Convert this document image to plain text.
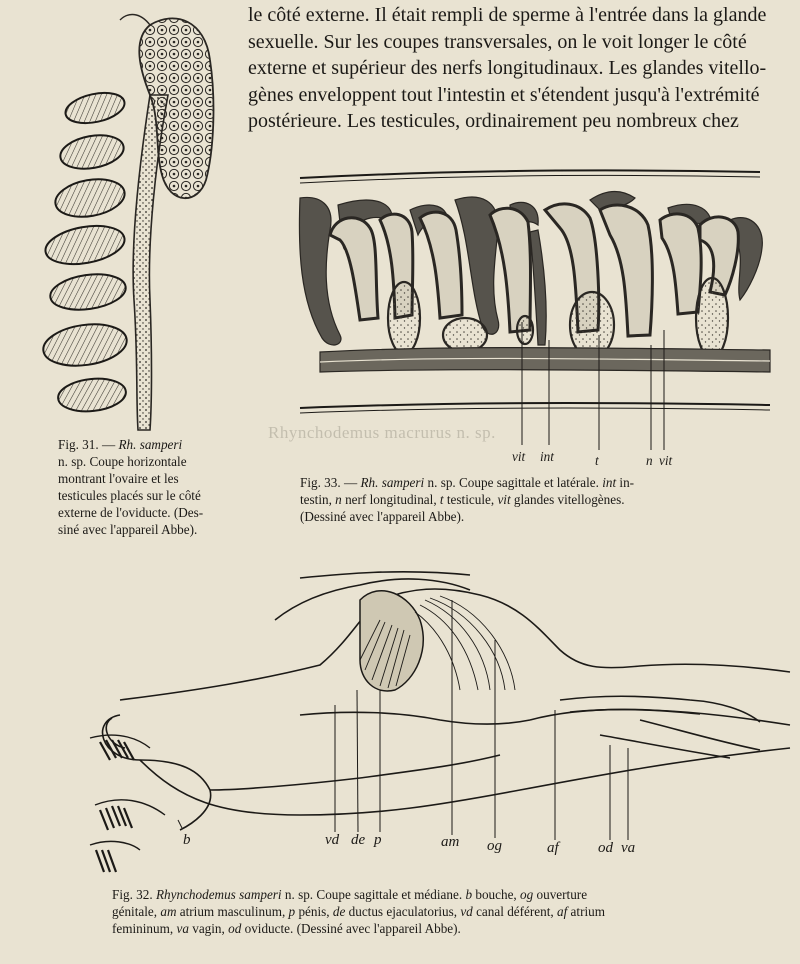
Rhynchodemus macrurus n. sp.
le côté externe. Il était rempli de sperme à l'entrée dans la glande
sexuelle. Sur les coupes transversales, on le voit longer le côté
externe et supérieur des nerfs longitudinaux. Les glandes vitello-
gènes enveloppent tout l'intestin et s'étendent jusqu'à l'extrémité
postérieure. Les testicules, ordinairement peu nombreux chez
Fig. 31. — Rh. samperi
n. sp. Coupe horizontale
montrant l'ovaire et les
testicules placés sur le côté
externe de l'oviducte. (Des-
siné avec l'appareil Abbe).
vit int	t	n vit
Fig. 33. — Rh. samperi n. sp. Coupe sagittale et latérale. int in-
testin, n nerf longitudinal, t testicule, vit glandes vitellogènes.
(Dessiné avec l'appareil Abbe).
b	vd de p	am og	af	od va
Fig. 32. Rhynchodemus samperi n. sp. Coupe sagittale et médiane. b bouche, og ouverture
génitale, am atrium masculinum, p pénis, de ductus ejaculatorius, vd canal déférent, af atrium
femininum, va vagin, od oviducte. (Dessiné avec l'appareil Abbe).
